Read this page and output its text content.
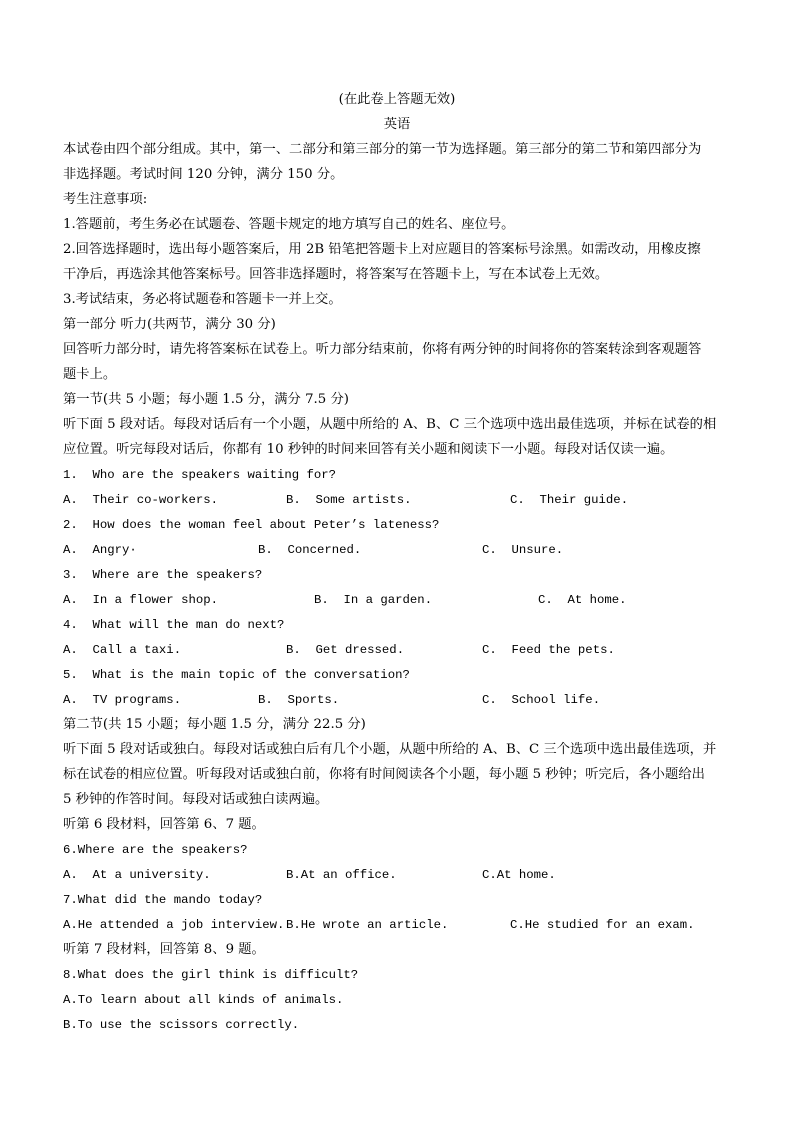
(在此卷上答题无效)
英语
本试卷由四个部分组成。其中，第一、二部分和第三部分的第一节为选择题。第三部分的第二节和第四部分为
非选择题。考试时间 120 分钟，满分 150 分。
考生注意事项:
1.答题前，考生务必在试题卷、答题卡规定的地方填写自己的姓名、座位号。
2.回答选择题时，选出每小题答案后，用 2B 铅笔把答题卡上对应题目的答案标号涂黑。如需改动，用橡皮擦
干净后，再选涂其他答案标号。回答非选择题时，将答案写在答题卡上，写在本试卷上无效。
3.考试结束，务必将试题卷和答题卡一并上交。
第一部分 听力(共两节，满分 30 分)
回答听力部分时，请先将答案标在试卷上。听力部分结束前，你将有两分钟的时间将你的答案转涂到客观题答
题卡上。
第一节(共 5 小题；每小题 1.5 分，满分 7.5 分)
听下面 5 段对话。每段对话后有一个小题，从题中所给的 A、B、C 三个选项中选出最佳选项，并标在试卷的相
应位置。听完每段对话后，你都有 10 秒钟的时间来回答有关小题和阅读下一小题。每段对话仅读一遍。
1.  Who are the speakers waiting for?
A.  Their co-workers.	B.  Some artists.	C.  Their guide.
2.  How does the woman feel about Peter’s lateness?
A.  Angry·	B.  Concerned.	C.  Unsure.
3.  Where are the speakers?
A.  In a flower shop.	B.  In a garden.	C.  At home.
4.  What will the man do next?
A.  Call a taxi.	B.  Get dressed.	C.  Feed the pets.
5.  What is the main topic of the conversation?
A.  TV programs.	B.  Sports.	C.  School life.
第二节(共 15 小题；每小题 1.5 分，满分 22.5 分)
听下面 5 段对话或独白。每段对话或独白后有几个小题，从题中所给的 A、B、C 三个选项中选出最佳选项，并
标在试卷的相应位置。听每段对话或独白前，你将有时间阅读各个小题，每小题 5 秒钟；听完后，各小题给出
5 秒钟的作答时间。每段对话或独白读两遍。
听第 6 段材料，回答第 6、7 题。
6.Where are the speakers?
A.  At a university.	B.At an office.	C.At home.
7.What did the mando today?
A.He attended a job interview. B.He wrote an article.	C.He studied for an exam.
听第 7 段材料，回答第 8、9 题。
8.What does the girl think is difficult?
A.To learn about all kinds of animals.
B.To use the scissors correctly.
